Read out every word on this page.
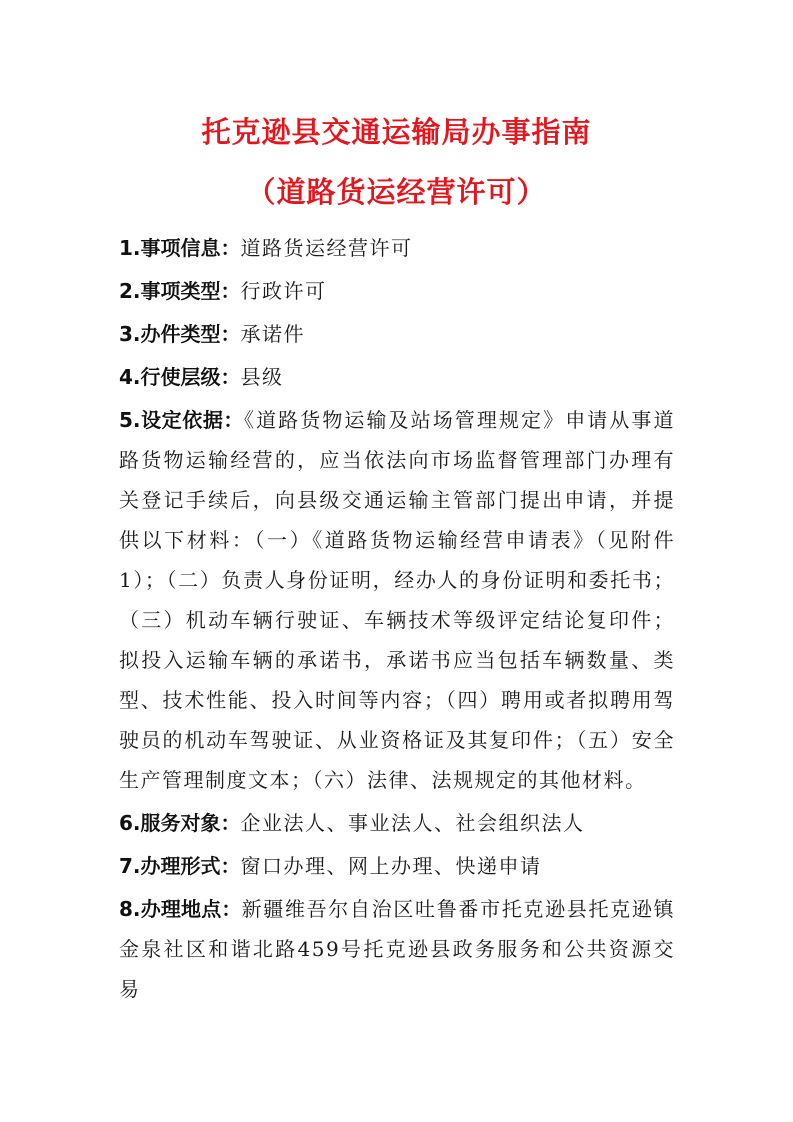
托克逊县交通运输局办事指南
（道路货运经营许可）
1.事项信息：道路货运经营许可
2.事项类型：行政许可
3.办件类型：承诺件
4.行使层级：县级
5.设定依据：《道路货物运输及站场管理规定》申请从事道路货物运输经营的，应当依法向市场监督管理部门办理有关登记手续后，向县级交通运输主管部门提出申请，并提供以下材料：（一）《道路货物运输经营申请表》（见附件1）；（二）负责人身份证明，经办人的身份证明和委托书；（三）机动车辆行驶证、车辆技术等级评定结论复印件；拟投入运输车辆的承诺书，承诺书应当包括车辆数量、类型、技术性能、投入时间等内容；（四）聘用或者拟聘用驾驶员的机动车驾驶证、从业资格证及其复印件；（五）安全生产管理制度文本；（六）法律、法规规定的其他材料。
6.服务对象：企业法人、事业法人、社会组织法人
7.办理形式：窗口办理、网上办理、快递申请
8.办理地点：新疆维吾尔自治区吐鲁番市托克逊县托克逊镇金泉社区和谐北路459号托克逊县政务服务和公共资源交易
